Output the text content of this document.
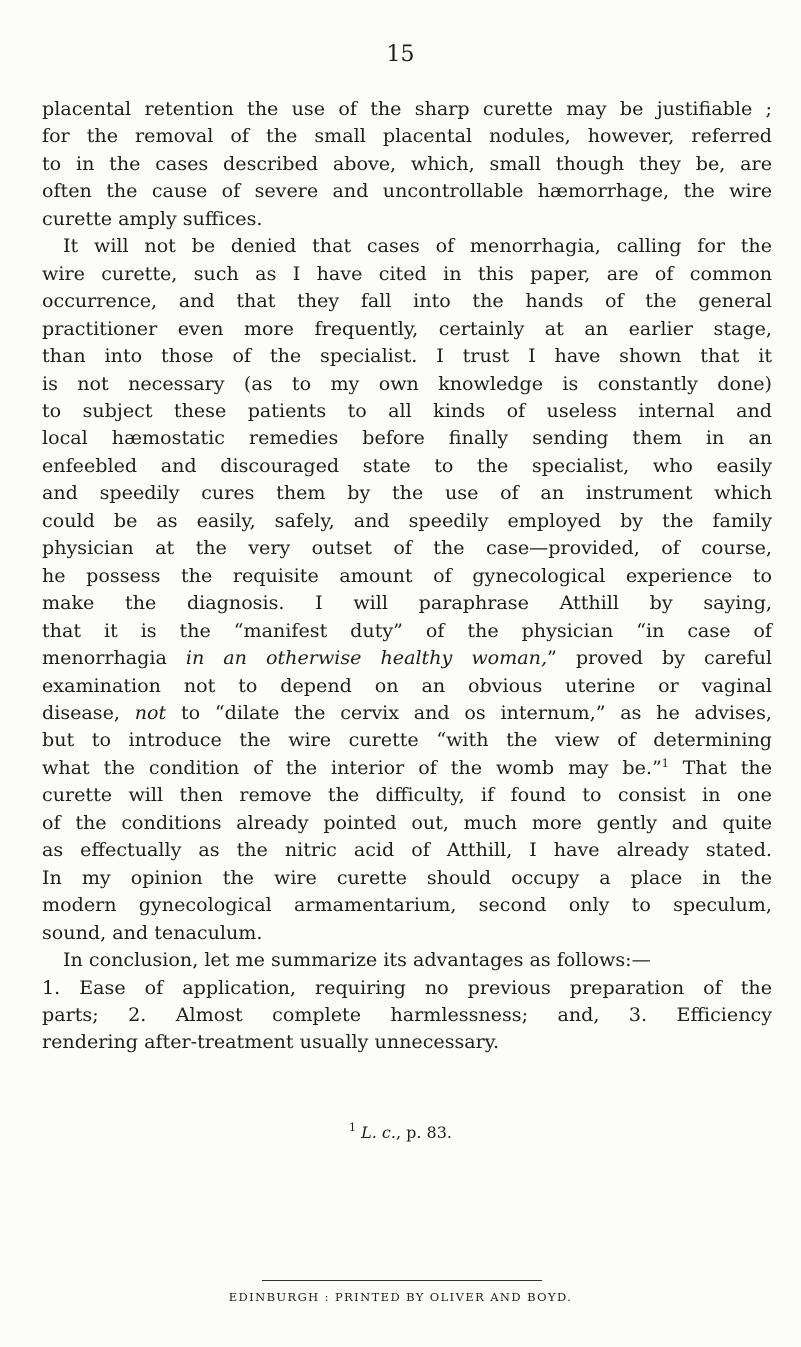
15
placental retention the use of the sharp curette may be justifiable ;
for the removal of the small placental nodules, however, referred
to in the cases described above, which, small though they be, are
often the cause of severe and uncontrollable hæmorrhage, the wire
curette amply suffices.
It will not be denied that cases of menorrhagia, calling for the
wire curette, such as I have cited in this paper, are of common
occurrence, and that they fall into the hands of the general
practitioner even more frequently, certainly at an earlier stage,
than into those of the specialist. I trust I have shown that it
is not necessary (as to my own knowledge is constantly done)
to subject these patients to all kinds of useless internal and
local hæmostatic remedies before finally sending them in an
enfeebled and discouraged state to the specialist, who easily
and speedily cures them by the use of an instrument which
could be as easily, safely, and speedily employed by the family
physician at the very outset of the case—provided, of course,
he possess the requisite amount of gynecological experience to
make the diagnosis. I will paraphrase Atthill by saying,
that it is the “manifest duty” of the physician “in case of
menorrhagia in an otherwise healthy woman,” proved by careful
examination not to depend on an obvious uterine or vaginal
disease, not to “dilate the cervix and os internum,” as he advises,
but to introduce the wire curette “with the view of determining
what the condition of the interior of the womb may be.”$^1$ That the
curette will then remove the difficulty, if found to consist in one
of the conditions already pointed out, much more gently and quite
as effectually as the nitric acid of Atthill, I have already stated.
In my opinion the wire curette should occupy a place in the
modern gynecological armamentarium, second only to speculum,
sound, and tenaculum.
In conclusion, let me summarize its advantages as follows:—
1. Ease of application, requiring no previous preparation of the
parts; 2. Almost complete harmlessness; and, 3. Efficiency
rendering after-treatment usually unnecessary.
$^1$ L. c., p. 83.
EDINBURGH : PRINTED BY OLIVER AND BOYD.
